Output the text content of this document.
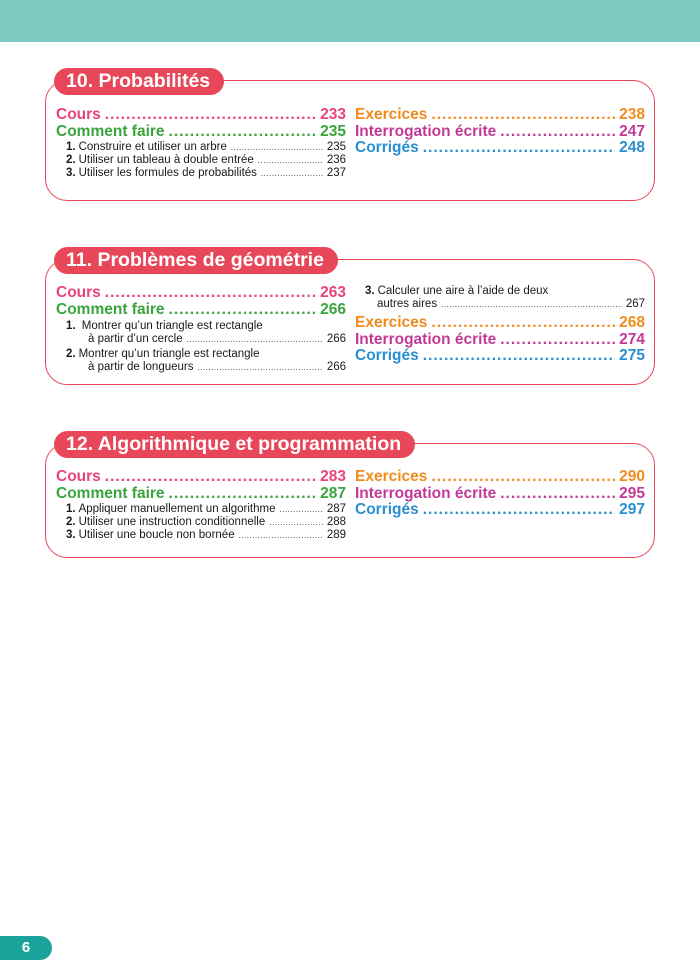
10. Probabilités
Cours .....	233
Comment faire .....	235
1. Construire et utiliser un arbre .....	235
2. Utiliser un tableau à double entrée .....	236
3. Utiliser les formules de probabilités .....	237
Exercices .....	238
Interrogation écrite .....	247
Corrigés .....	248
11. Problèmes de géométrie
Cours .....	263
Comment faire .....	266
1. Montrer qu’un triangle est rectangle
à partir d’un cercle .....	266
2. Montrer qu’un triangle est rectangle
à partir de longueurs .....	266
3. Calculer une aire à l’aide de deux
autres aires .....	267
Exercices .....	268
Interrogation écrite .....	274
Corrigés .....	275
12. Algorithmique et programmation
Cours .....	283
Comment faire .....	287
1. Appliquer manuellement un algorithme .....	287
2. Utiliser une instruction conditionnelle .....	288
3. Utiliser une boucle non bornée .....	289
Exercices .....	290
Interrogation écrite .....	295
Corrigés .....	297
6
